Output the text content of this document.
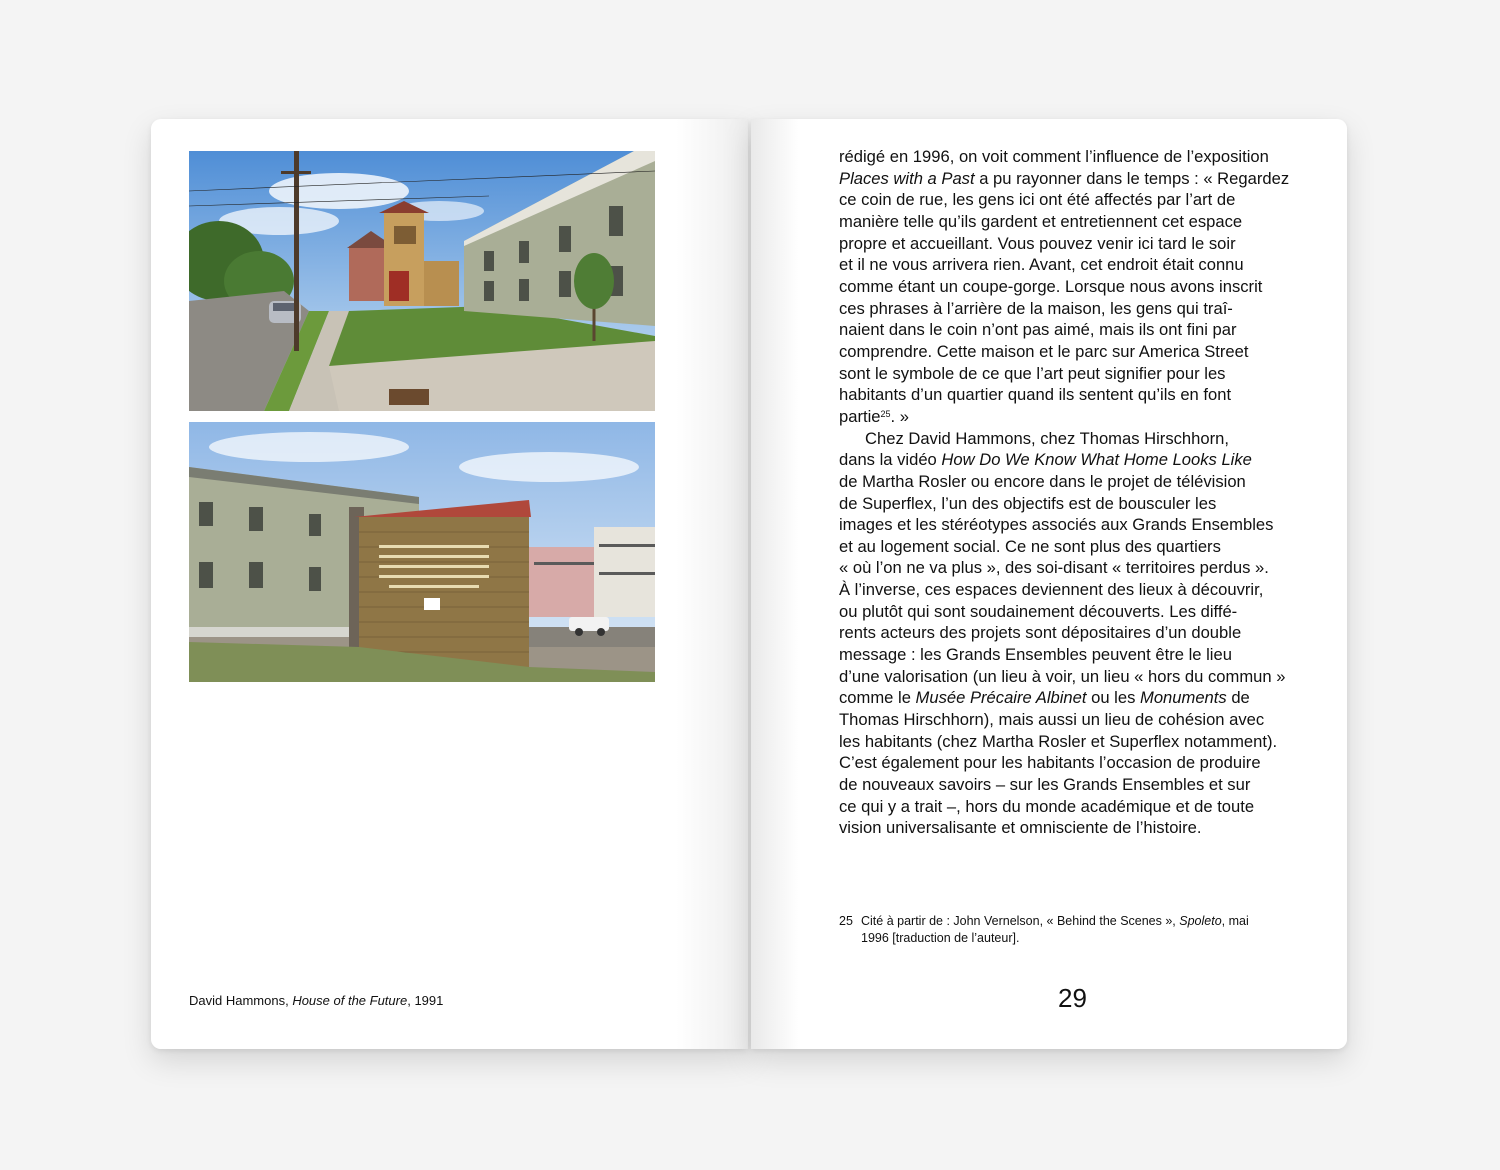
David Hammons, House of the Future, 1991

rédigé en 1996, on voit comment l’influence de l’exposition
Places with a Past a pu rayonner dans le temps : « Regardez
ce coin de rue, les gens ici ont été affectés par l’art de
manière telle qu’ils gardent et entretiennent cet espace
propre et accueillant. Vous pouvez venir ici tard le soir
et il ne vous arrivera rien. Avant, cet endroit était connu
comme étant un coupe-gorge. Lorsque nous avons inscrit
ces phrases à l’arrière de la maison, les gens qui traî-
naient dans le coin n’ont pas aimé, mais ils ont fini par
comprendre. Cette maison et le parc sur America Street
sont le symbole de ce que l’art peut signifier pour les
habitants d’un quartier quand ils sentent qu’ils en font
partie$^{25}$. »

Chez David Hammons, chez Thomas Hirschhorn,
dans la vidéo How Do We Know What Home Looks Like
de Martha Rosler ou encore dans le projet de télévision
de Superflex, l’un des objectifs est de bousculer les
images et les stéréotypes associés aux Grands Ensembles
et au logement social. Ce ne sont plus des quartiers
« où l’on ne va plus », des soi-disant « territoires perdus ».
À l’inverse, ces espaces deviennent des lieux à découvrir,
ou plutôt qui sont soudainement découverts. Les diffé-
rents acteurs des projets sont dépositaires d’un double
message : les Grands Ensembles peuvent être le lieu
d’une valorisation (un lieu à voir, un lieu « hors du commun »
comme le Musée Précaire Albinet ou les Monuments de
Thomas Hirschhorn), mais aussi un lieu de cohésion avec
les habitants (chez Martha Rosler et Superflex notamment).
C’est également pour les habitants l’occasion de produire
de nouveaux savoirs – sur les Grands Ensembles et sur
ce qui y a trait –, hors du monde académique et de toute
vision universalisante et omnisciente de l’histoire.

25 Cité à partir de : John Vernelson, « Behind the Scenes », Spoleto, mai
1996 [traduction de l’auteur].
29
